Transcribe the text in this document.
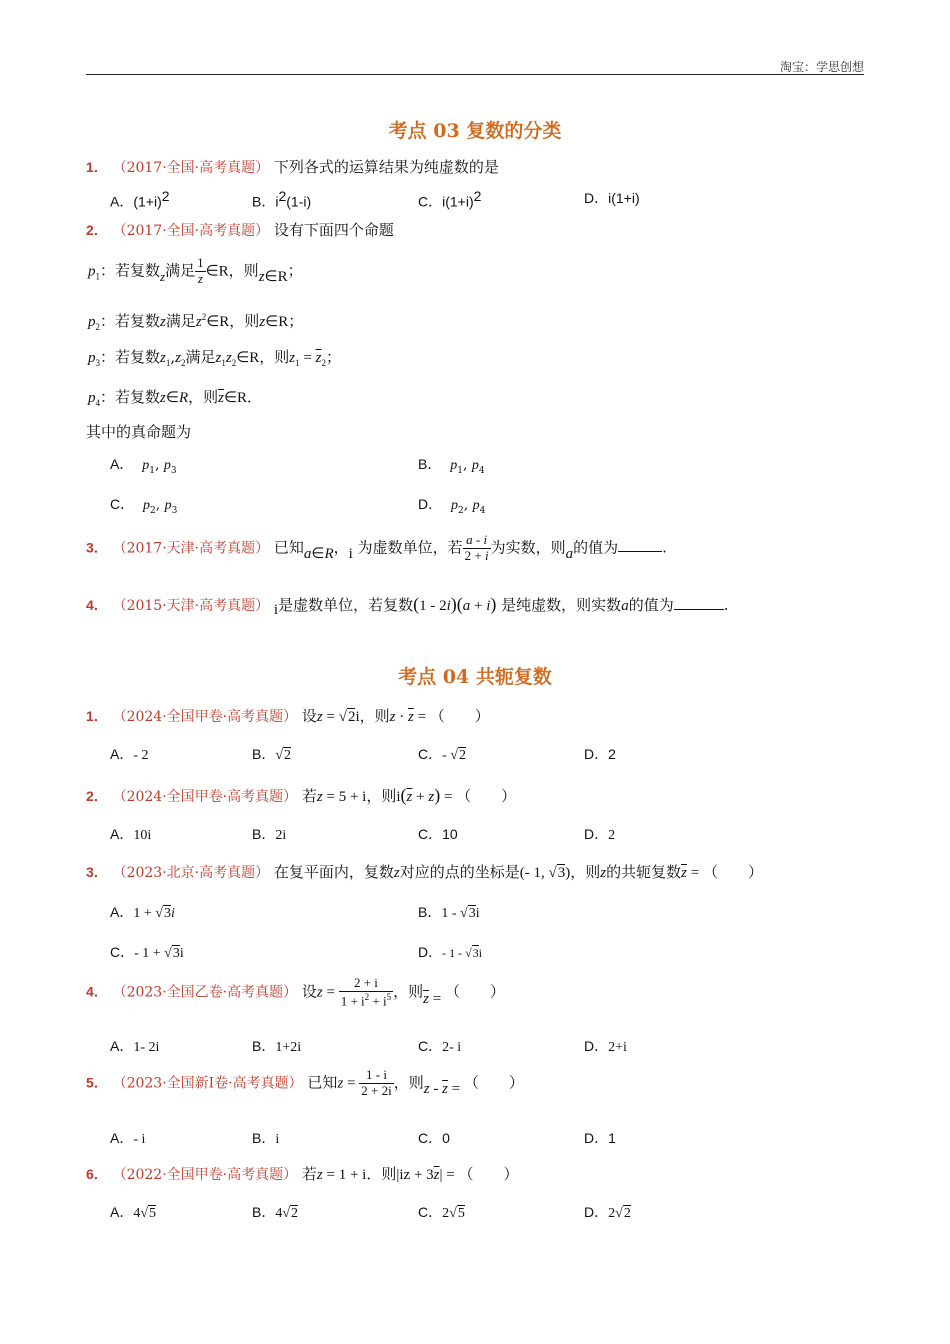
淘宝：学思创想
考点 03 复数的分类
1． （2017·全国·高考真题） 下列各式的运算结果为纯虚数的是
A．$(1+i)^2$	B．$i^2(1-i)$	C．$i(1+i)^2$	D．i(1+i)
2． （2017·全国·高考真题） 设有下面四个命题
$p_1$：若复数z满足 $\frac{1}{z}$ ∈R，则z∈R；
$p_2$：若复数z满足$z^2\in R$，则z∈R；
$p_3$：若复数$z_1,z_2$满足$z_1z_2\in R$，则$z_1 = \overline{z}_2$；
$p_4$：若复数z∈R，则$\overline{z}\in R$．
其中的真命题为
A． $p_1$, $p_3$	B． $p_1$, $p_4$
C． $p_2$, $p_3$	D． $p_2$, $p_4$
3． （2017·天津·高考真题） 已知a∈R，i 为虚数单位，若 $\frac{a - i}{2 + i}$ 为实数，则a的值为	.
4． （2015·天津·高考真题） i是虚数单位，若复数(1 - 2i)(a + i) 是纯虚数，则实数a的值为	.
考点 04 共轭复数
1． （2024·全国甲卷·高考真题） 设z = √2i，则$z \cdot \overline{z}$ = （　　）
A．- 2	B．√2	C．- √2	D．2
2． （2024·全国甲卷·高考真题） 若z = 5 + i，则$i(\overline{z} + z)$ = （　　）
A．10i	B．2i	C．10	D．2
3． （2023·北京·高考真题） 在复平面内，复数z对应的点的坐标是(- 1, √3)，则z的共轭复数$\overline{z}$ = （　　）
A．1 + √3i	B．1 - √3i
C．- 1 + √3i	D．- 1 - √3i
4． （2023·全国乙卷·高考真题） 设$z = \frac{2 + i}{1 + i^2 + i^5}$ ，则$\overline{z}$ = （　　）
A．1- 2i	B．1+2i	C．2- i	D．2+i
5． （2023·全国新Ⅰ卷·高考真题） 已知$z = \frac{1 - i}{2 + 2i}$ ，则z - $\overline{z}$ = （　　）
A．- i	B．i	C．0	D．1
6． （2022·全国甲卷·高考真题） 若z = 1 + i．则$|iz + 3\overline{z}|$ = （　　）
A．4√5	B．4√2	C．2√5	D．2√2
